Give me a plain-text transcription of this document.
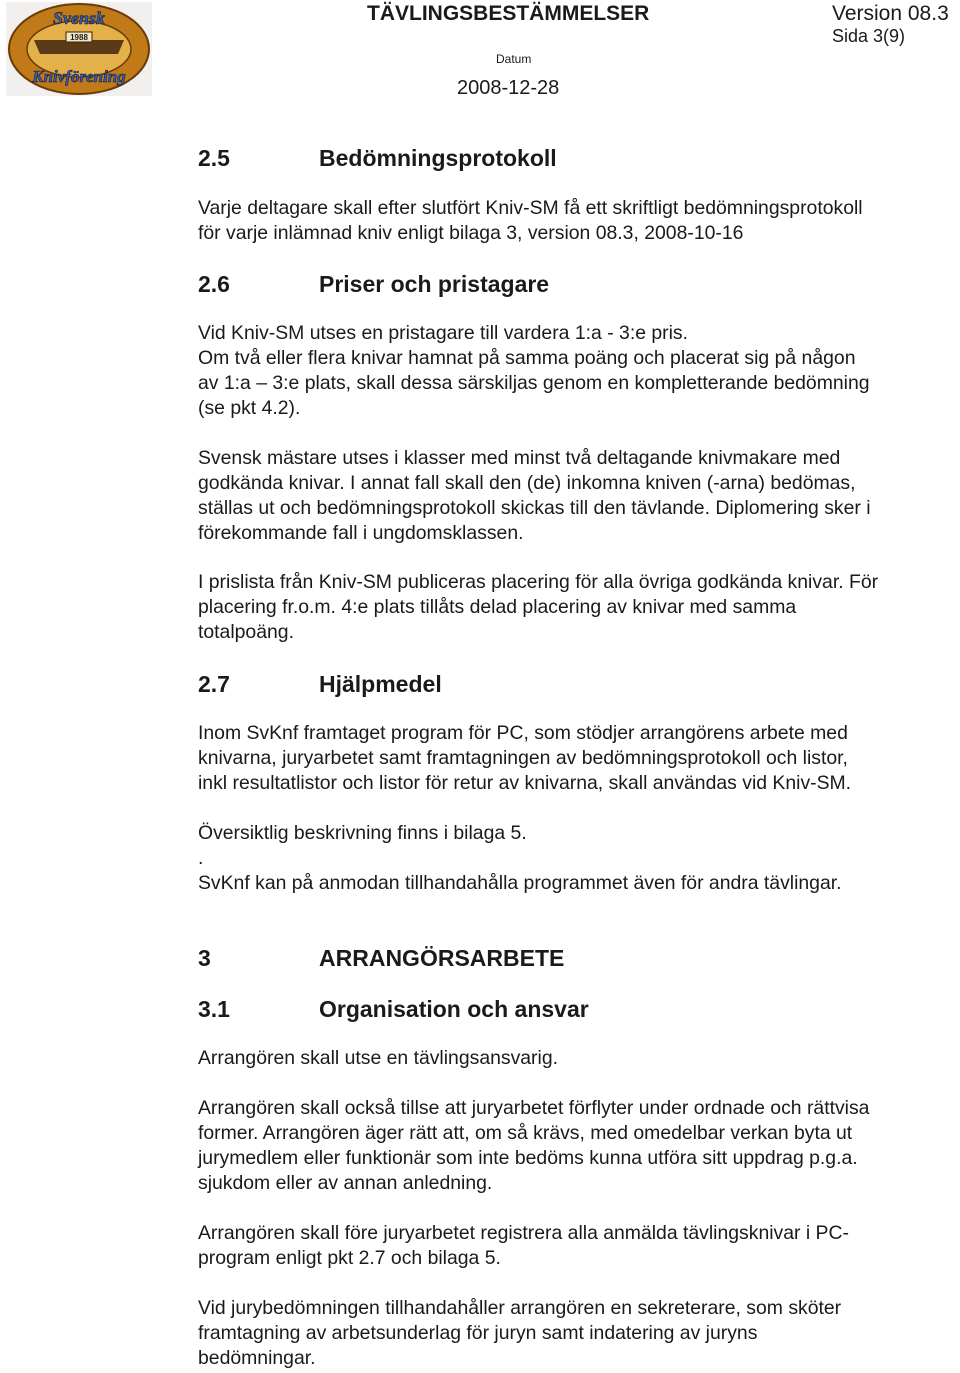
1988
Svensk
Knivförening
TÄVLINGSBESTÄMMELSER	Version 08.3
Sida 3(9)
Datum
2008-12-28
2.5	Bedömningsprotokoll
Varje deltagare skall efter slutfört Kniv-SM få ett skriftligt bedömningsprotokoll
för varje inlämnad kniv enligt bilaga 3, version 08.3, 2008-10-16
2.6	Priser och pristagare
Vid Kniv-SM utses en pristagare till vardera 1:a - 3:e pris.
Om två eller flera knivar hamnat på samma poäng och placerat sig på någon
av 1:a – 3:e plats, skall dessa särskiljas genom en kompletterande bedömning
(se pkt 4.2).
Svensk mästare utses i klasser med minst två deltagande knivmakare med
godkända knivar. I annat fall skall den (de) inkomna kniven (-arna) bedömas,
ställas ut och bedömningsprotokoll skickas till den tävlande. Diplomering sker i
förekommande fall i ungdomsklassen.
I prislista från Kniv-SM publiceras placering för alla övriga godkända knivar. För
placering fr.o.m. 4:e plats tillåts delad placering av knivar med samma
totalpoäng.
2.7	Hjälpmedel
Inom SvKnf framtaget program för PC, som stödjer arrangörens arbete med
knivarna, juryarbetet samt framtagningen av bedömningsprotokoll och listor,
inkl resultatlistor och listor för retur av knivarna, skall användas vid Kniv-SM.
Översiktlig beskrivning finns i bilaga 5.
.
SvKnf kan på anmodan tillhandahålla programmet även för andra tävlingar.
3	ARRANGÖRSARBETE
3.1	Organisation och ansvar
Arrangören skall utse en tävlingsansvarig.
Arrangören skall också tillse att juryarbetet förflyter under ordnade och rättvisa
former. Arrangören äger rätt att, om så krävs, med omedelbar verkan byta ut
jurymedlem eller funktionär som inte bedöms kunna utföra sitt uppdrag p.g.a.
sjukdom eller av annan anledning.
Arrangören skall före juryarbetet registrera alla anmälda tävlingsknivar i PC-
program enligt pkt 2.7 och bilaga 5.
Vid jurybedömningen tillhandahåller arrangören en sekreterare, som sköter
framtagning av arbetsunderlag för juryn samt indatering av juryns
bedömningar.
